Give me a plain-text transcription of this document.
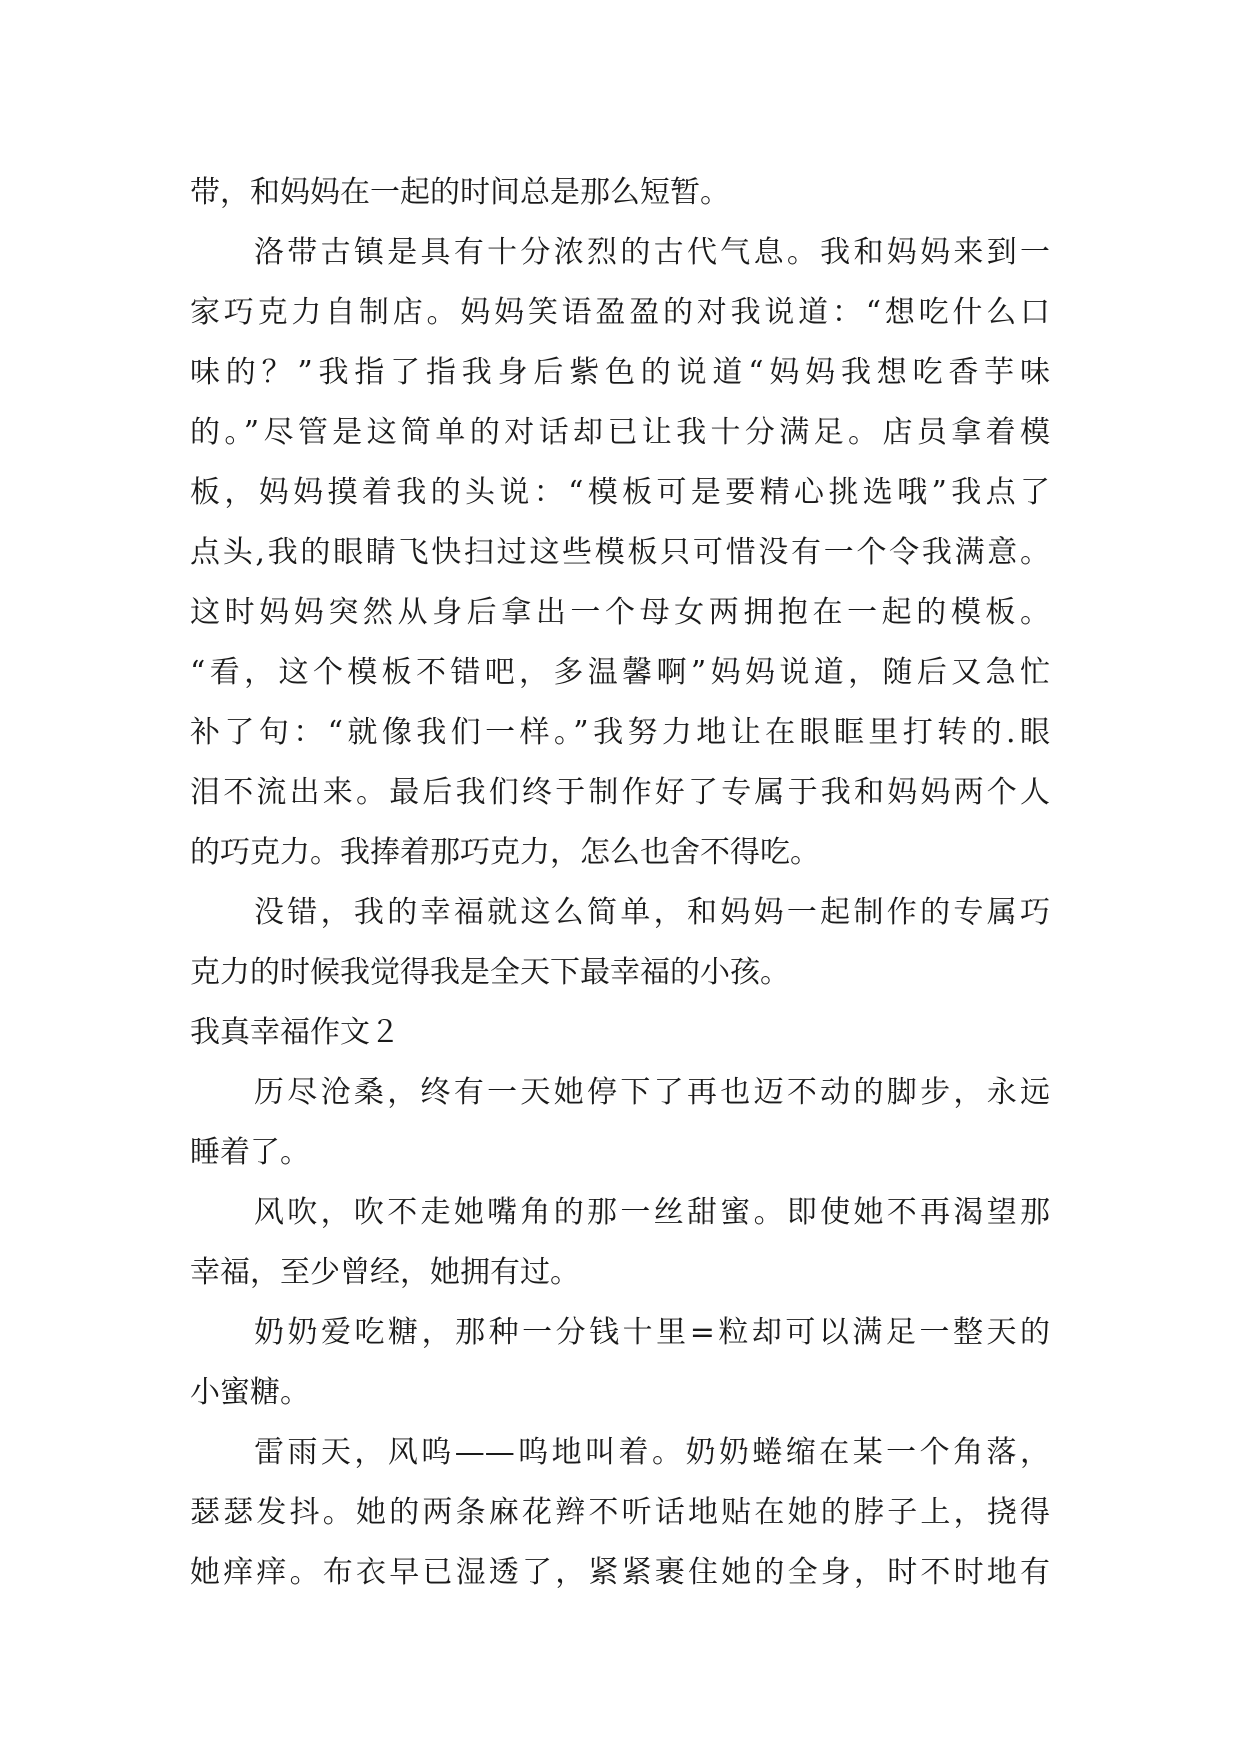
带，和妈妈在一起的时间总是那么短暂。
洛带古镇是具有十分浓烈的古代气息。我和妈妈来到一
家巧克力自制店。妈妈笑语盈盈的对我说道：“想吃什么口
味的？”我指了指我身后紫色的说道“妈妈我想吃香芋味
的。”尽管是这简单的对话却已让我十分满足。店员拿着模
板，妈妈摸着我的头说：“模板可是要精心挑选哦”我点了
点头,我的眼睛飞快扫过这些模板只可惜没有一个令我满意。
这时妈妈突然从身后拿出一个母女两拥抱在一起的模板。
“看，这个模板不错吧，多温馨啊”妈妈说道，随后又急忙
补了句：“就像我们一样。”我努力地让在眼眶里打转的.眼
泪不流出来。最后我们终于制作好了专属于我和妈妈两个人
的巧克力。我捧着那巧克力，怎么也舍不得吃。
没错，我的幸福就这么简单，和妈妈一起制作的专属巧
克力的时候我觉得我是全天下最幸福的小孩。
我真幸福作文２
历尽沧桑，终有一天她停下了再也迈不动的脚步，永远
睡着了。
风吹，吹不走她嘴角的那一丝甜蜜。即使她不再渴望那
幸福，至少曾经，她拥有过。
奶奶爱吃糖，那种一分钱十里=粒却可以满足一整天的
小蜜糖。
雷雨天，风呜——呜地叫着。奶奶蜷缩在某一个角落，
瑟瑟发抖。她的两条麻花辫不听话地贴在她的脖子上，挠得
她痒痒。布衣早已湿透了，紧紧裹住她的全身，时不时地有
